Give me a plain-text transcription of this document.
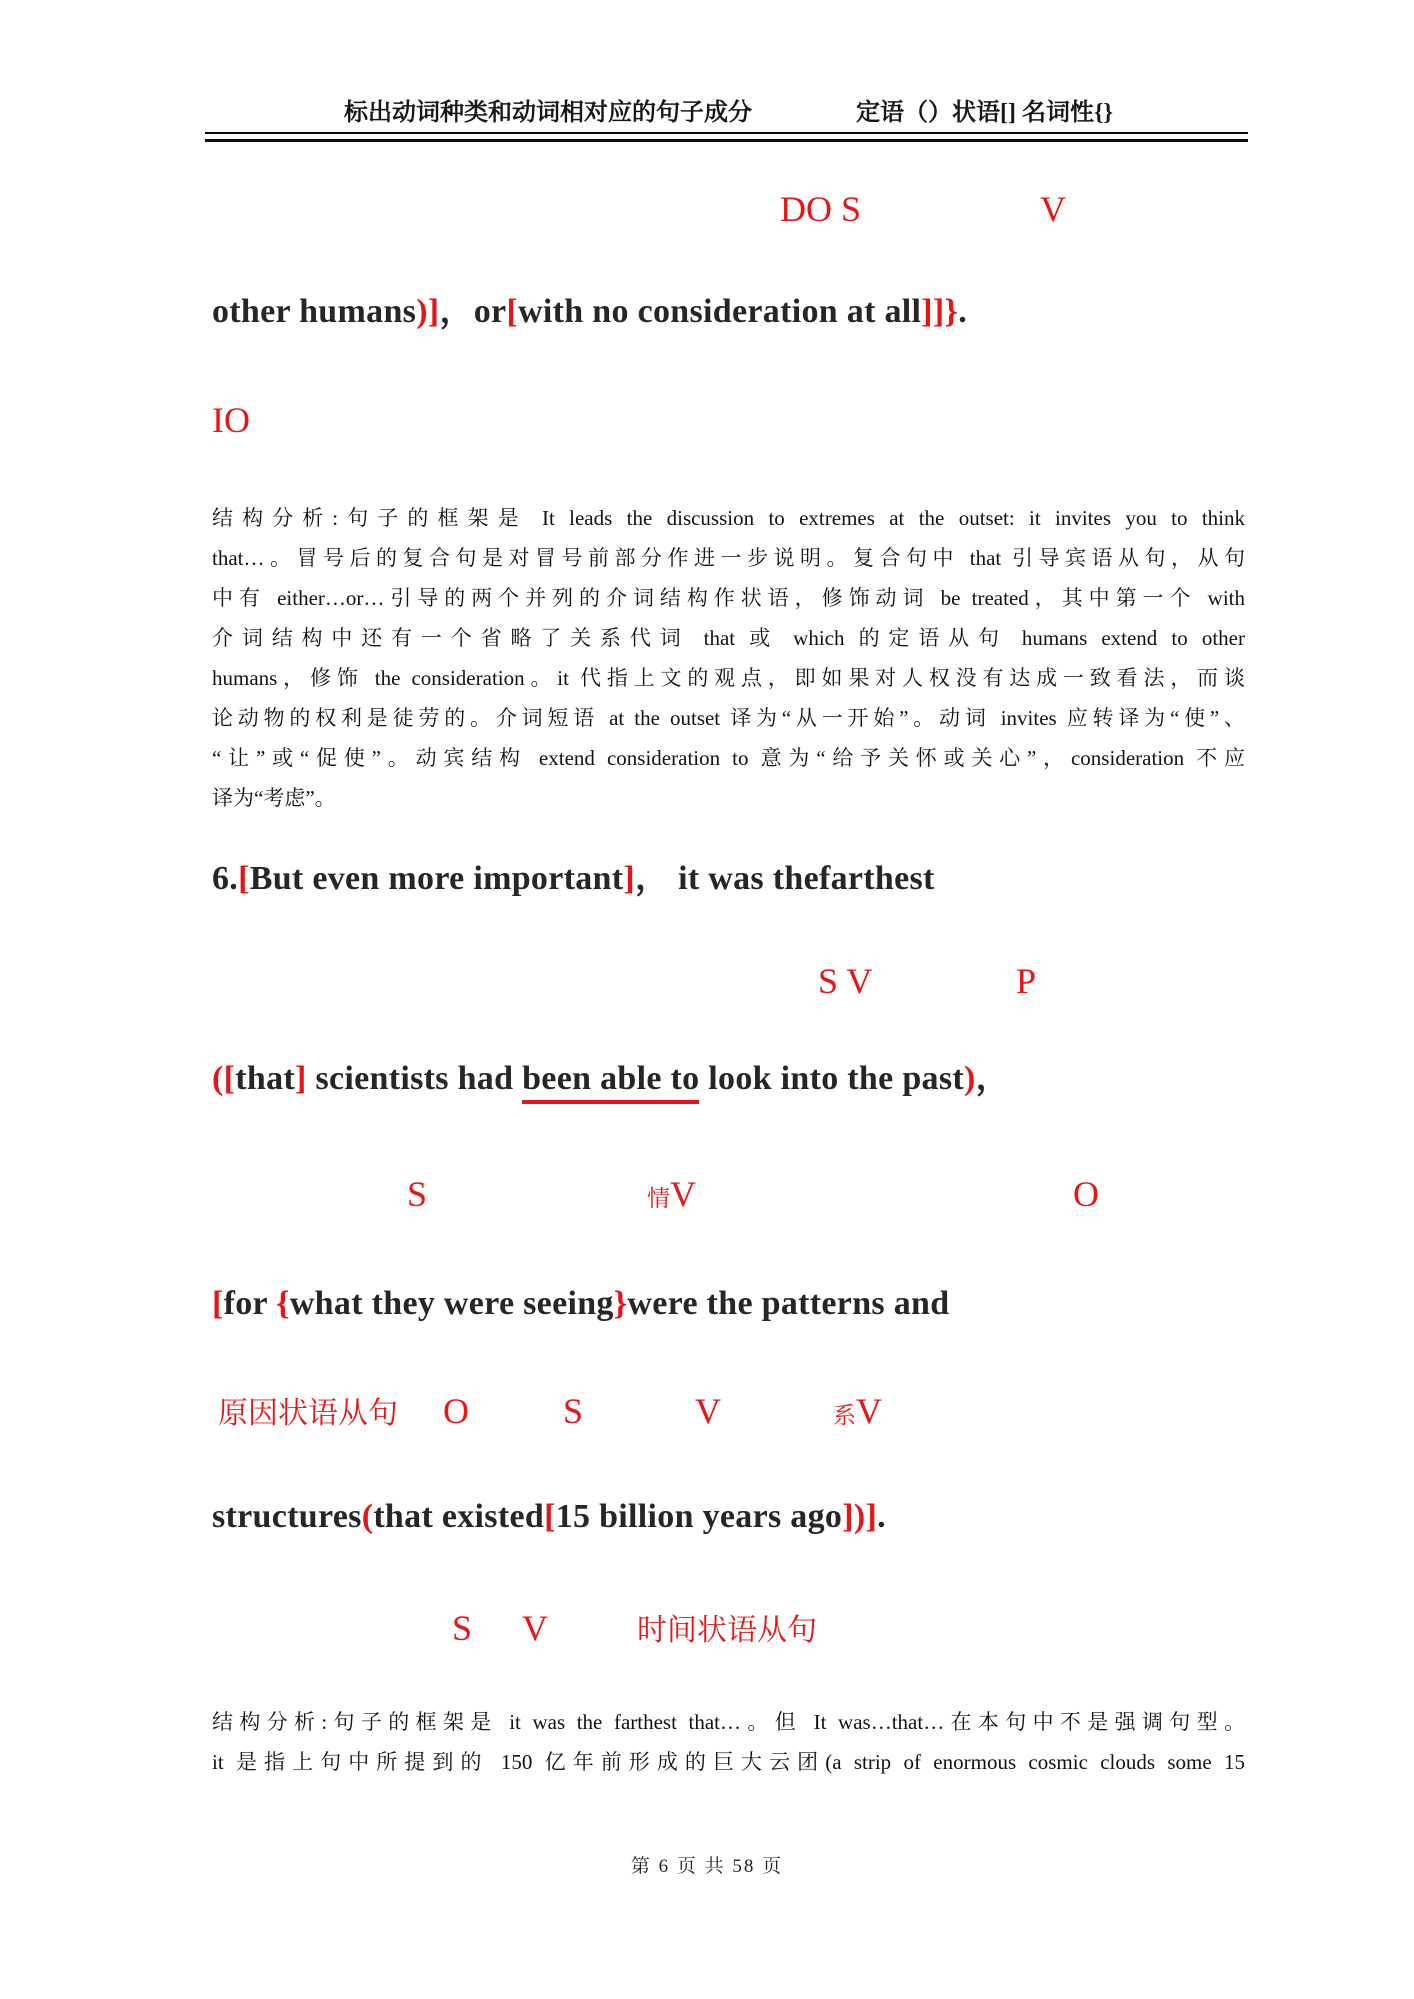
标出动词种类和动词相对应的句子成分	定语（）状语[] 名词性{}
DO S	V
other humans)]，or[with no consideration at all]]}.
IO
结构分析:句子的框架是 It leads the discussion to extremes at the outset: it invites you to think
that…。冒号后的复合句是对冒号前部分作进一步说明。复合句中 that 引导宾语从句，从句
中有 either…or…引导的两个并列的介词结构作状语，修饰动词 be treated，其中第一个 with
介词结构中还有一个省略了关系代词 that 或 which 的定语从句 humans extend to other
humans，修饰 the consideration。it 代指上文的观点，即如果对人权没有达成一致看法，而谈
论动物的权利是徒劳的。介词短语 at the outset 译为“从一开始”。动词 invites 应转译为“使”、
“让”或“促使”。动宾结构 extend consideration to 意为“给予关怀或关心”，consideration 不应
译为“考虑”。
6.[But even more important]， it was thefarthest
S V	P
([that] scientists had been able to look into the past)，
S	情V	O
[for {what they were seeing}were the patterns and
原因状语从句 O	S	V	系V
structures(that existed[15 billion years ago])].
S V	时间状语从句
结构分析:句子的框架是 it was the farthest that…。但 It was…that…在本句中不是强调句型。
it 是指上句中所提到的 150 亿年前形成的巨大云团(a strip of enormous cosmic clouds some 15
第 6 页 共 58 页
